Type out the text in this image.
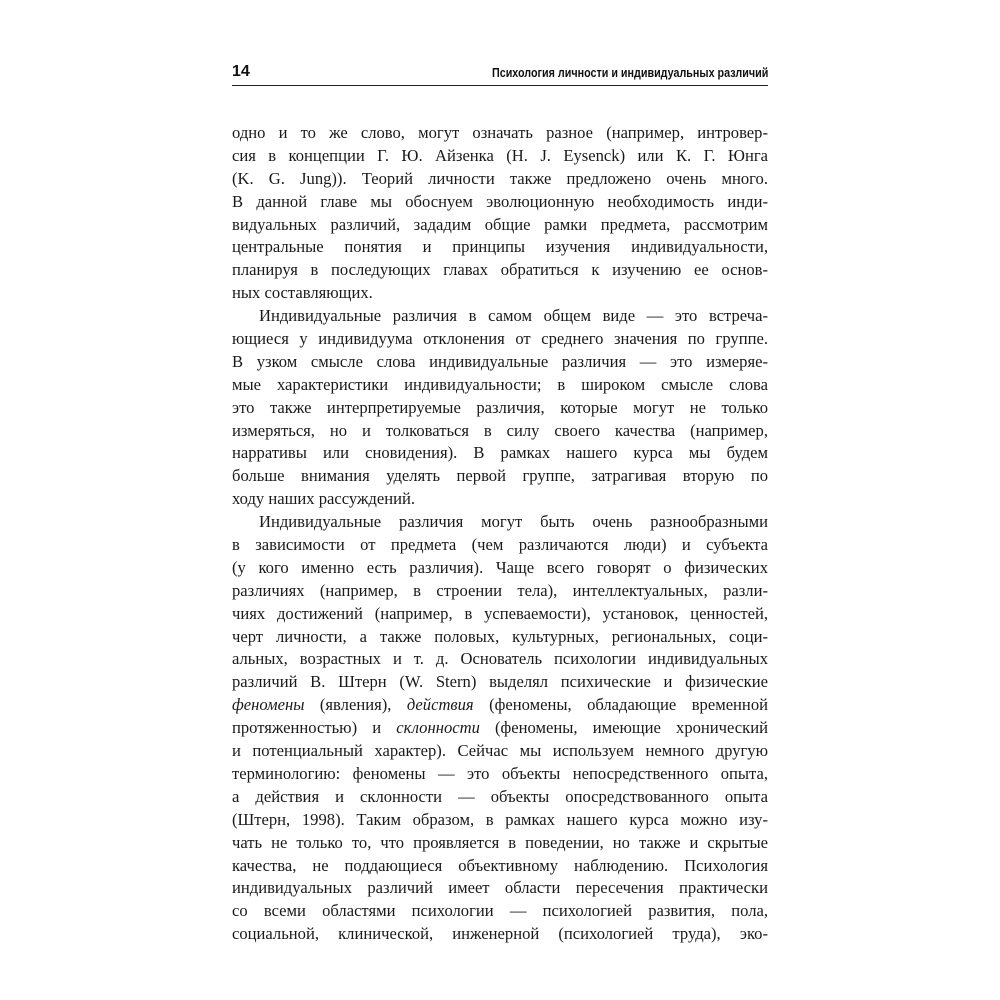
14	Психология личности и индивидуальных различий
одно и то же слово, могут означать разное (например, интровер-
сия в концепции Г. Ю. Айзенка (H. J. Eysenck) или К. Г. Юнга
(K. G. Jung)). Теорий личности также предложено очень много.
В данной главе мы обоснуем эволюционную необходимость инди-
видуальных различий, зададим общие рамки предмета, рассмотрим
центральные понятия и принципы изучения индивидуальности,
планируя в последующих главах обратиться к изучению ее основ-
ных составляющих.
Индивидуальные различия в самом общем виде — это встреча-
ющиеся у индивидуума отклонения от среднего значения по группе.
В узком смысле слова индивидуальные различия — это измеряе-
мые характеристики индивидуальности; в широком смысле слова
это также интерпретируемые различия, которые могут не только
измеряться, но и толковаться в силу своего качества (например,
нарративы или сновидения). В рамках нашего курса мы будем
больше внимания уделять первой группе, затрагивая вторую по
ходу наших рассуждений.
Индивидуальные различия могут быть очень разнообразными
в зависимости от предмета (чем различаются люди) и субъекта
(у кого именно есть различия). Чаще всего говорят о физических
различиях (например, в строении тела), интеллектуальных, разли-
чиях достижений (например, в успеваемости), установок, ценностей,
черт личности, а также половых, культурных, региональных, соци-
альных, возрастных и т. д. Основатель психологии индивидуальных
различий В. Штерн (W. Stern) выделял психические и физические
феномены (явления), действия (феномены, обладающие временной
протяженностью) и склонности (феномены, имеющие хронический
и потенциальный характер). Сейчас мы используем немного другую
терминологию: феномены — это объекты непосредственного опыта,
а действия и склонности — объекты опосредствованного опыта
(Штерн, 1998). Таким образом, в рамках нашего курса можно изу-
чать не только то, что проявляется в поведении, но также и скрытые
качества, не поддающиеся объективному наблюдению. Психология
индивидуальных различий имеет области пересечения практически
со всеми областями психологии — психологией развития, пола,
социальной, клинической, инженерной (психологией труда), эко-
